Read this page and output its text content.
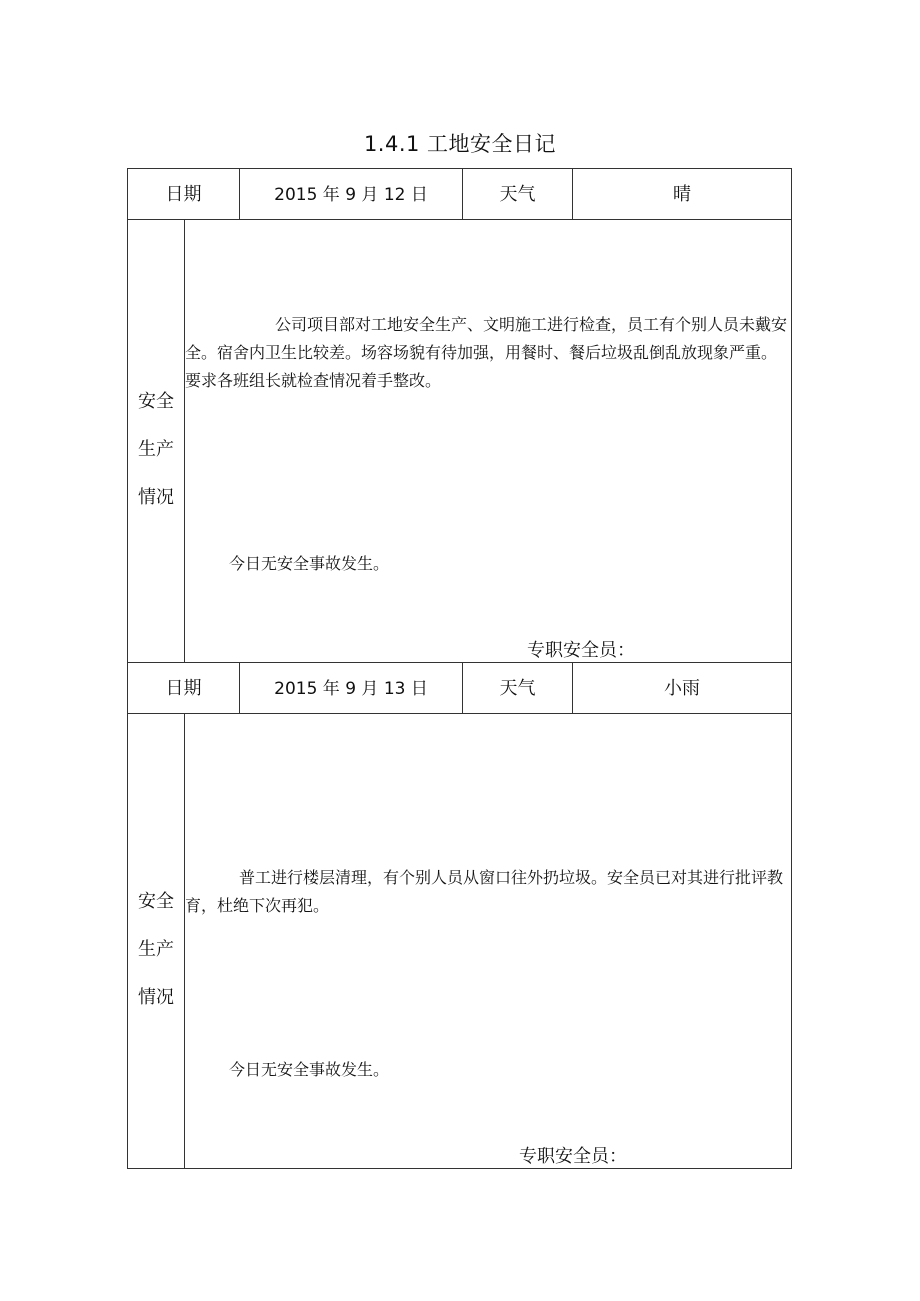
1.4.1 工地安全日记
日期	2015 年 9 月 12 日	天气	晴
安全
生产
情况
公司项目部对工地安全生产、文明施工进行检查，员工有个别人员未戴安全。宿舍内卫生比较差。场容场貌有待加强，用餐时、餐后垃圾乱倒乱放现象严重。要求各班组长就检查情况着手整改。
今日无安全事故发生。
专职安全员：
日期	2015 年 9 月 13 日	天气	小雨
安全
生产
情况
普工进行楼层清理，有个别人员从窗口往外扔垃圾。安全员已对其进行批评教育，杜绝下次再犯。
今日无安全事故发生。
专职安全员：
